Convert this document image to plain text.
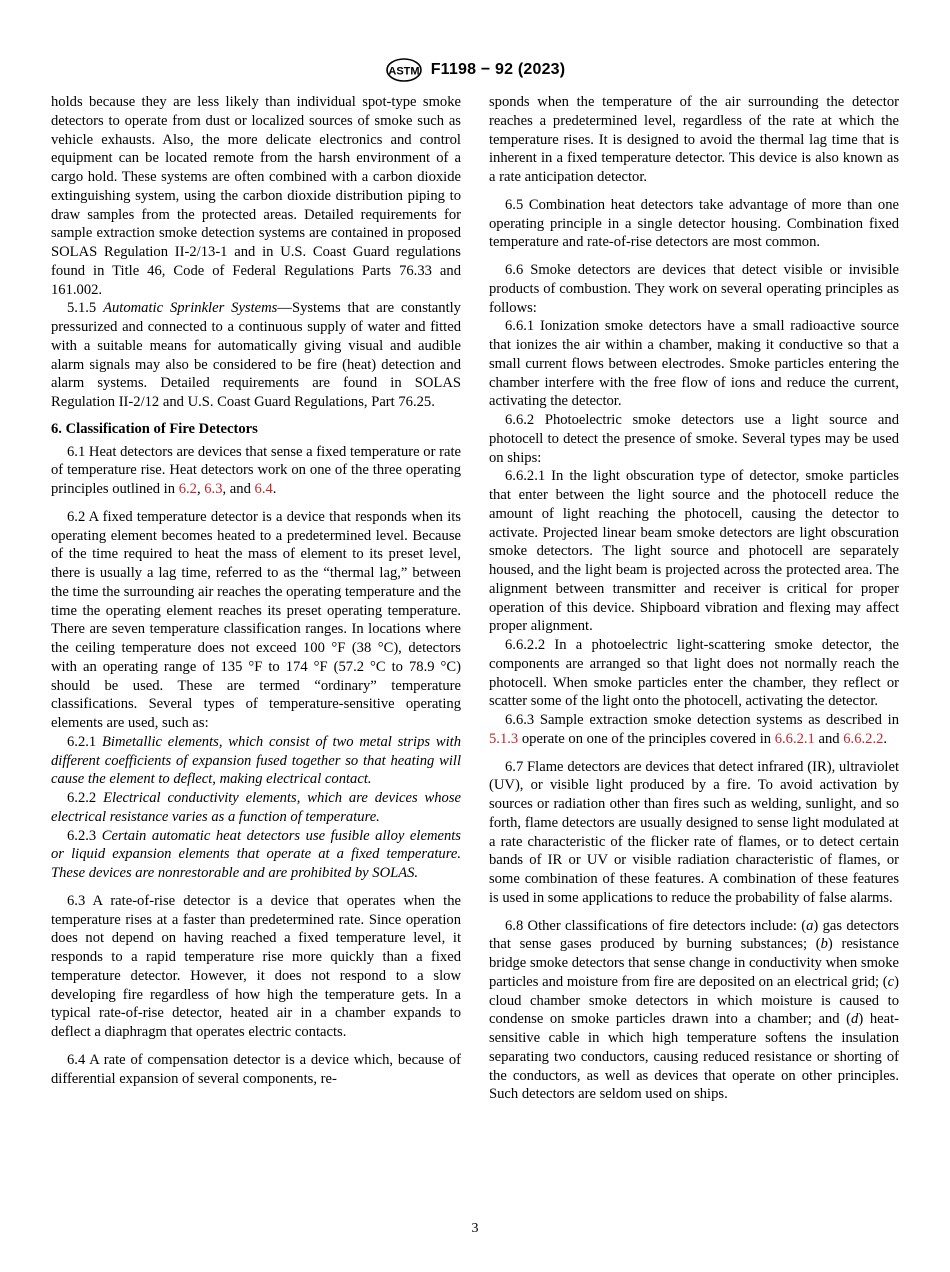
ASTM F1198 − 92 (2023)

holds because they are less likely than individual spot-type smoke detectors to operate from dust or localized sources of smoke such as vehicle exhausts. Also, the more delicate electronics and control equipment can be located remote from the harsh environment of a cargo hold. These systems are often combined with a carbon dioxide extinguishing system, using the carbon dioxide distribution piping to draw samples from the protected areas. Detailed requirements for sample extraction smoke detection systems are contained in proposed SOLAS Regulation II-2/13-1 and in U.S. Coast Guard regulations found in Title 46, Code of Federal Regulations Parts 76.33 and 161.002.

5.1.5 Automatic Sprinkler Systems—Systems that are constantly pressurized and connected to a continuous supply of water and fitted with a suitable means for automatically giving visual and audible alarm signals may also be considered to be fire (heat) detection and alarm systems. Detailed requirements are found in SOLAS Regulation II-2/12 and U.S. Coast Guard Regulations, Part 76.25.

6. Classification of Fire Detectors

6.1 Heat detectors are devices that sense a fixed temperature or rate of temperature rise. Heat detectors work on one of the three operating principles outlined in 6.2, 6.3, and 6.4.

6.2 A fixed temperature detector is a device that responds when its operating element becomes heated to a predetermined level. Because of the time required to heat the mass of element to its preset level, there is usually a lag time, referred to as the “thermal lag,” between the time the surrounding air reaches the operating temperature and the time the operating element reaches its preset operating temperature. There are seven temperature classification ranges. In locations where the ceiling temperature does not exceed 100 °F (38 °C), detectors with an operating range of 135 °F to 174 °F (57.2 °C to 78.9 °C) should be used. These are termed “ordinary” temperature classifications. Several types of temperature-sensitive operating elements are used, such as:

6.2.1 Bimetallic elements, which consist of two metal strips with different coefficients of expansion fused together so that heating will cause the element to deflect, making electrical contact.

6.2.2 Electrical conductivity elements, which are devices whose electrical resistance varies as a function of temperature.

6.2.3 Certain automatic heat detectors use fusible alloy elements or liquid expansion elements that operate at a fixed temperature. These devices are nonrestorable and are prohibited by SOLAS.

6.3 A rate-of-rise detector is a device that operates when the temperature rises at a faster than predetermined rate. Since operation does not depend on having reached a fixed temperature level, it responds to a rapid temperature rise more quickly than a fixed temperature detector. However, it does not respond to a slow developing fire regardless of how high the temperature gets. In a typical rate-of-rise detector, heated air in a chamber expands to deflect a diaphragm that operates electric contacts.

6.4 A rate of compensation detector is a device which, because of differential expansion of several components, re-

sponds when the temperature of the air surrounding the detector reaches a predetermined level, regardless of the rate at which the temperature rises. It is designed to avoid the thermal lag time that is inherent in a fixed temperature detector. This device is also known as a rate anticipation detector.

6.5 Combination heat detectors take advantage of more than one operating principle in a single detector housing. Combination fixed temperature and rate-of-rise detectors are most common.

6.6 Smoke detectors are devices that detect visible or invisible products of combustion. They work on several operating principles as follows:

6.6.1 Ionization smoke detectors have a small radioactive source that ionizes the air within a chamber, making it conductive so that a small current flows between electrodes. Smoke particles entering the chamber interfere with the free flow of ions and reduce the current, activating the detector.

6.6.2 Photoelectric smoke detectors use a light source and photocell to detect the presence of smoke. Several types may be used on ships:

6.6.2.1 In the light obscuration type of detector, smoke particles that enter between the light source and the photocell reduce the amount of light reaching the photocell, causing the detector to activate. Projected linear beam smoke detectors are light obscuration smoke detectors. The light source and photocell are separately housed, and the light beam is projected across the protected area. The alignment between transmitter and receiver is critical for proper operation of this device. Shipboard vibration and flexing may affect proper alignment.

6.6.2.2 In a photoelectric light-scattering smoke detector, the components are arranged so that light does not normally reach the photocell. When smoke particles enter the chamber, they reflect or scatter some of the light onto the photocell, activating the detector.

6.6.3 Sample extraction smoke detection systems as described in 5.1.3 operate on one of the principles covered in 6.6.2.1 and 6.6.2.2.

6.7 Flame detectors are devices that detect infrared (IR), ultraviolet (UV), or visible light produced by a fire. To avoid activation by sources or radiation other than fires such as welding, sunlight, and so forth, flame detectors are usually designed to sense light modulated at a rate characteristic of the flicker rate of flames, or to detect certain bands of IR or UV or visible radiation characteristic of flames, or some combination of these features. A combination of these features is used in some applications to reduce the probability of false alarms.

6.8 Other classifications of fire detectors include: (a) gas detectors that sense gases produced by burning substances; (b) resistance bridge smoke detectors that sense change in conductivity when smoke particles and moisture from fire are deposited on an electrical grid; (c) cloud chamber smoke detectors in which moisture is caused to condense on smoke particles drawn into a chamber; and (d) heat-sensitive cable in which high temperature softens the insulation separating two conductors, causing reduced resistance or shorting of the conductors, as well as devices that operate on other principles. Such detectors are seldom used on ships.

3
